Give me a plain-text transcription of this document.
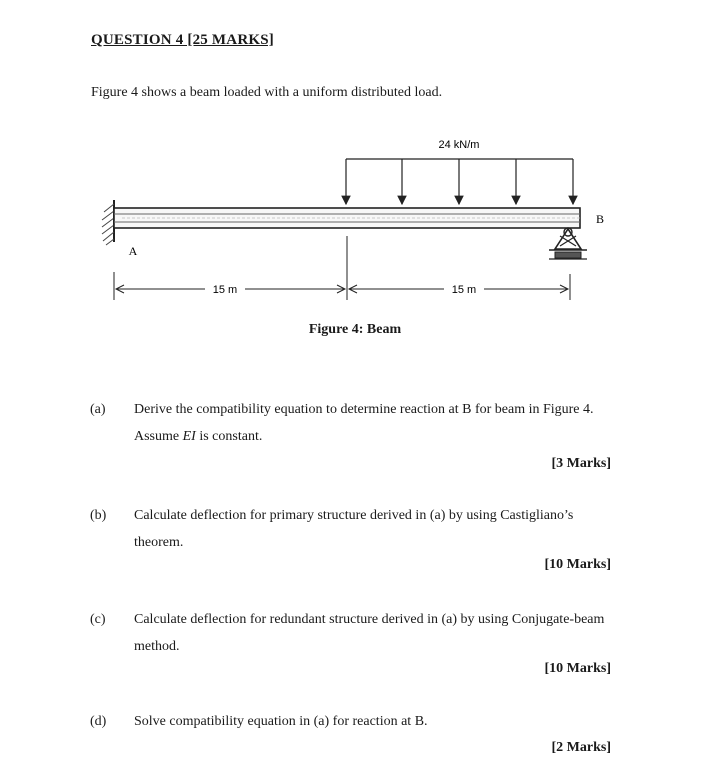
QUESTION 4 [25 MARKS]
Figure 4 shows a beam loaded with a uniform distributed load.
24 kN/m
A
B
15 m	15 m
Figure 4: Beam
(a) Derive the compatibility equation to determine reaction at B for beam in Figure 4. Assume EI is constant.
[3 Marks]
(b) Calculate deflection for primary structure derived in (a) by using Castigliano’s theorem.
[10 Marks]
(c) Calculate deflection for redundant structure derived in (a) by using Conjugate-beam method.
[10 Marks]
(d) Solve compatibility equation in (a) for reaction at B.
[2 Marks]
